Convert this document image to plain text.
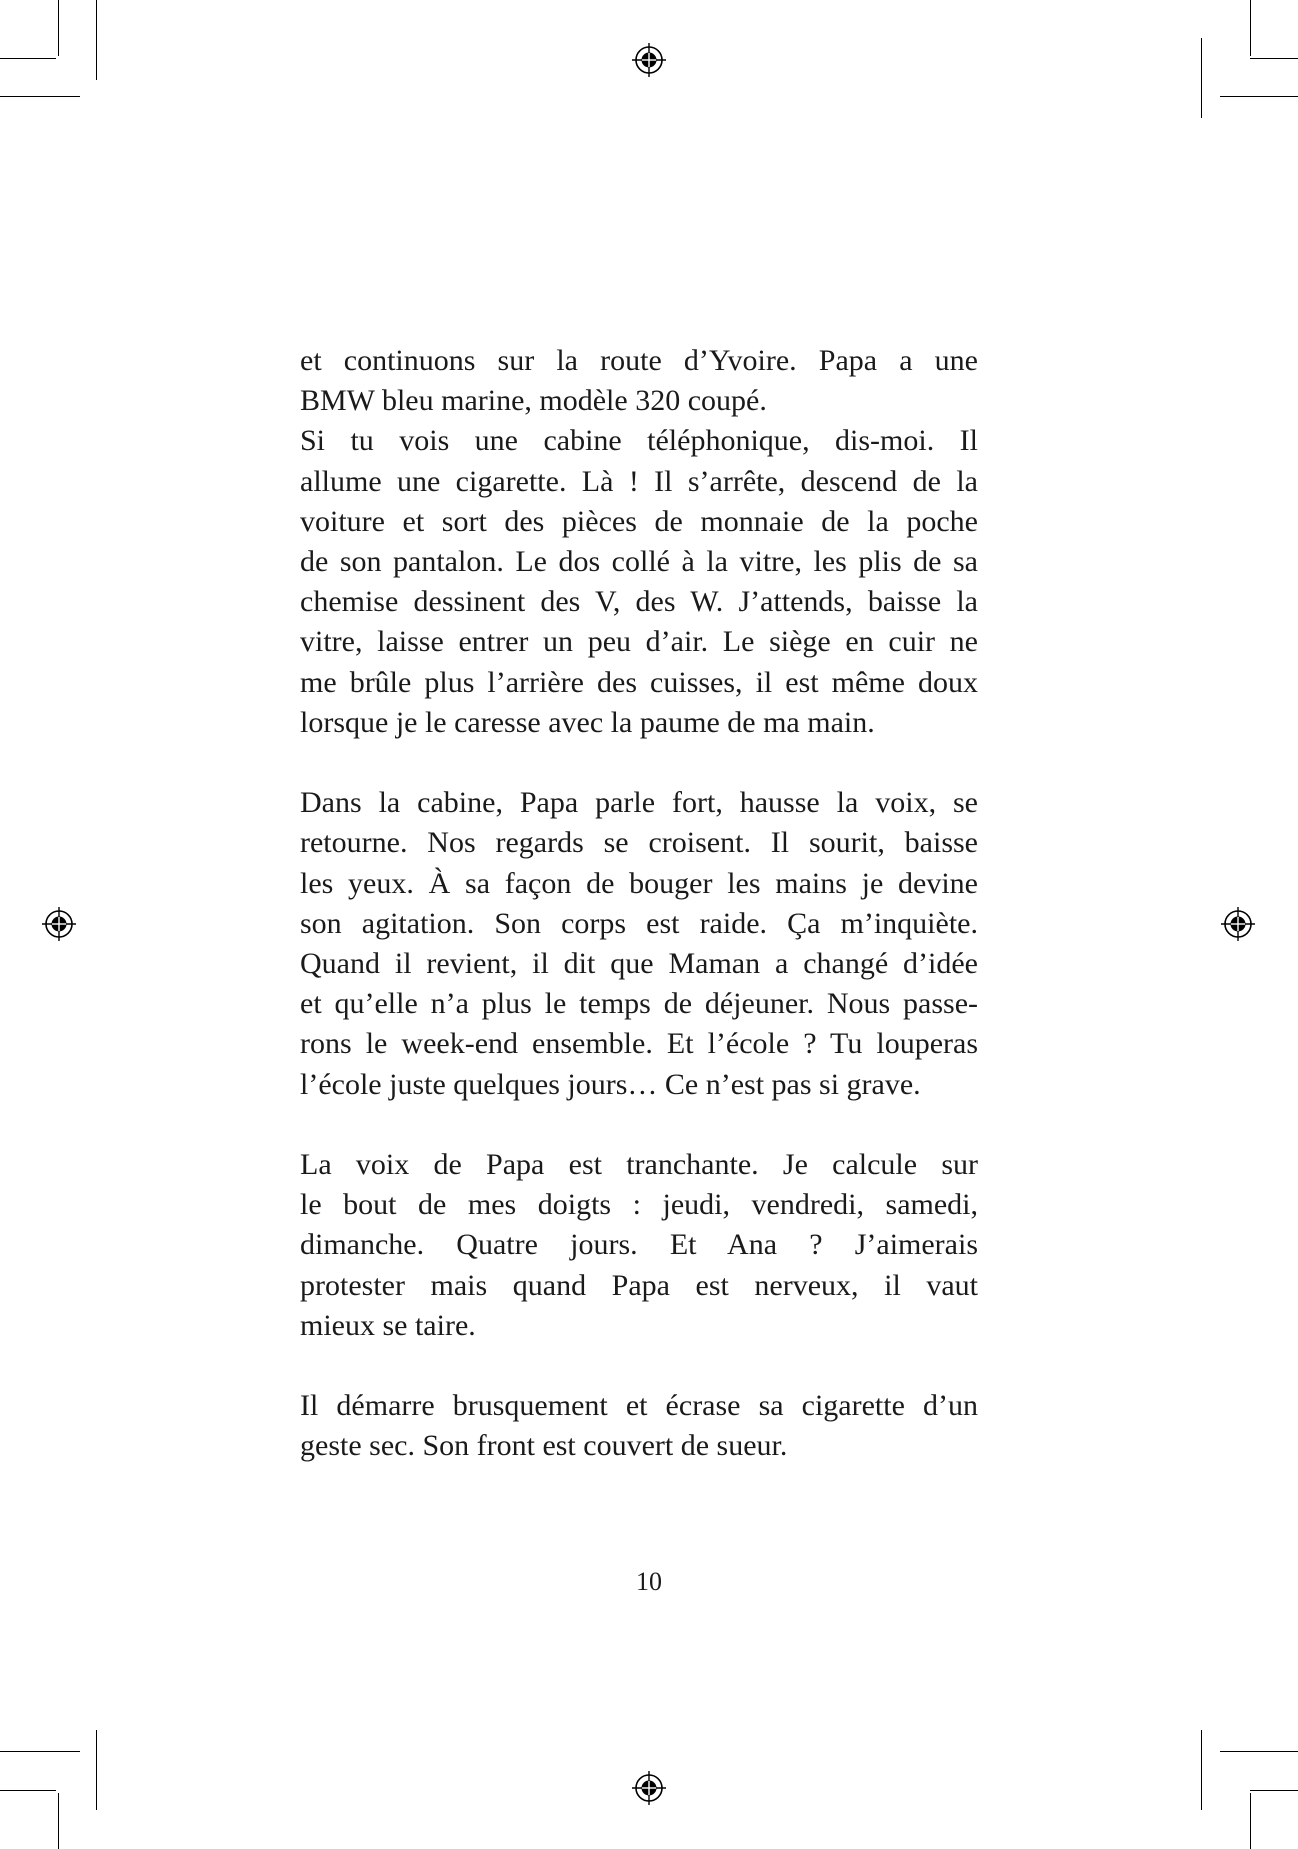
et continuons sur la route d’Yvoire. Papa a une
BMW bleu marine, modèle 320 coupé.

Si tu vois une cabine téléphonique, dis-moi. Il
allume une cigarette. Là ! Il s’arrête, descend de la
voiture et sort des pièces de monnaie de la poche
de son pantalon. Le dos collé à la vitre, les plis de sa
chemise dessinent des V, des W. J’attends, baisse la
vitre, laisse entrer un peu d’air. Le siège en cuir ne
me brûle plus l’arrière des cuisses, il est même doux
lorsque je le caresse avec la paume de ma main.

Dans la cabine, Papa parle fort, hausse la voix, se
retourne. Nos regards se croisent. Il sourit, baisse
les yeux. À sa façon de bouger les mains je devine
son agitation. Son corps est raide. Ça m’inquiète.
Quand il revient, il dit que Maman a changé d’idée
et qu’elle n’a plus le temps de déjeuner. Nous passe-
rons le week-end ensemble. Et l’école ? Tu louperas
l’école juste quelques jours… Ce n’est pas si grave.

La voix de Papa est tranchante. Je calcule sur
le bout de mes doigts : jeudi, vendredi, samedi,
dimanche. Quatre jours. Et Ana ? J’aimerais
protester mais quand Papa est nerveux, il vaut
mieux se taire.

Il démarre brusquement et écrase sa cigarette d’un
geste sec. Son front est couvert de sueur.

10
